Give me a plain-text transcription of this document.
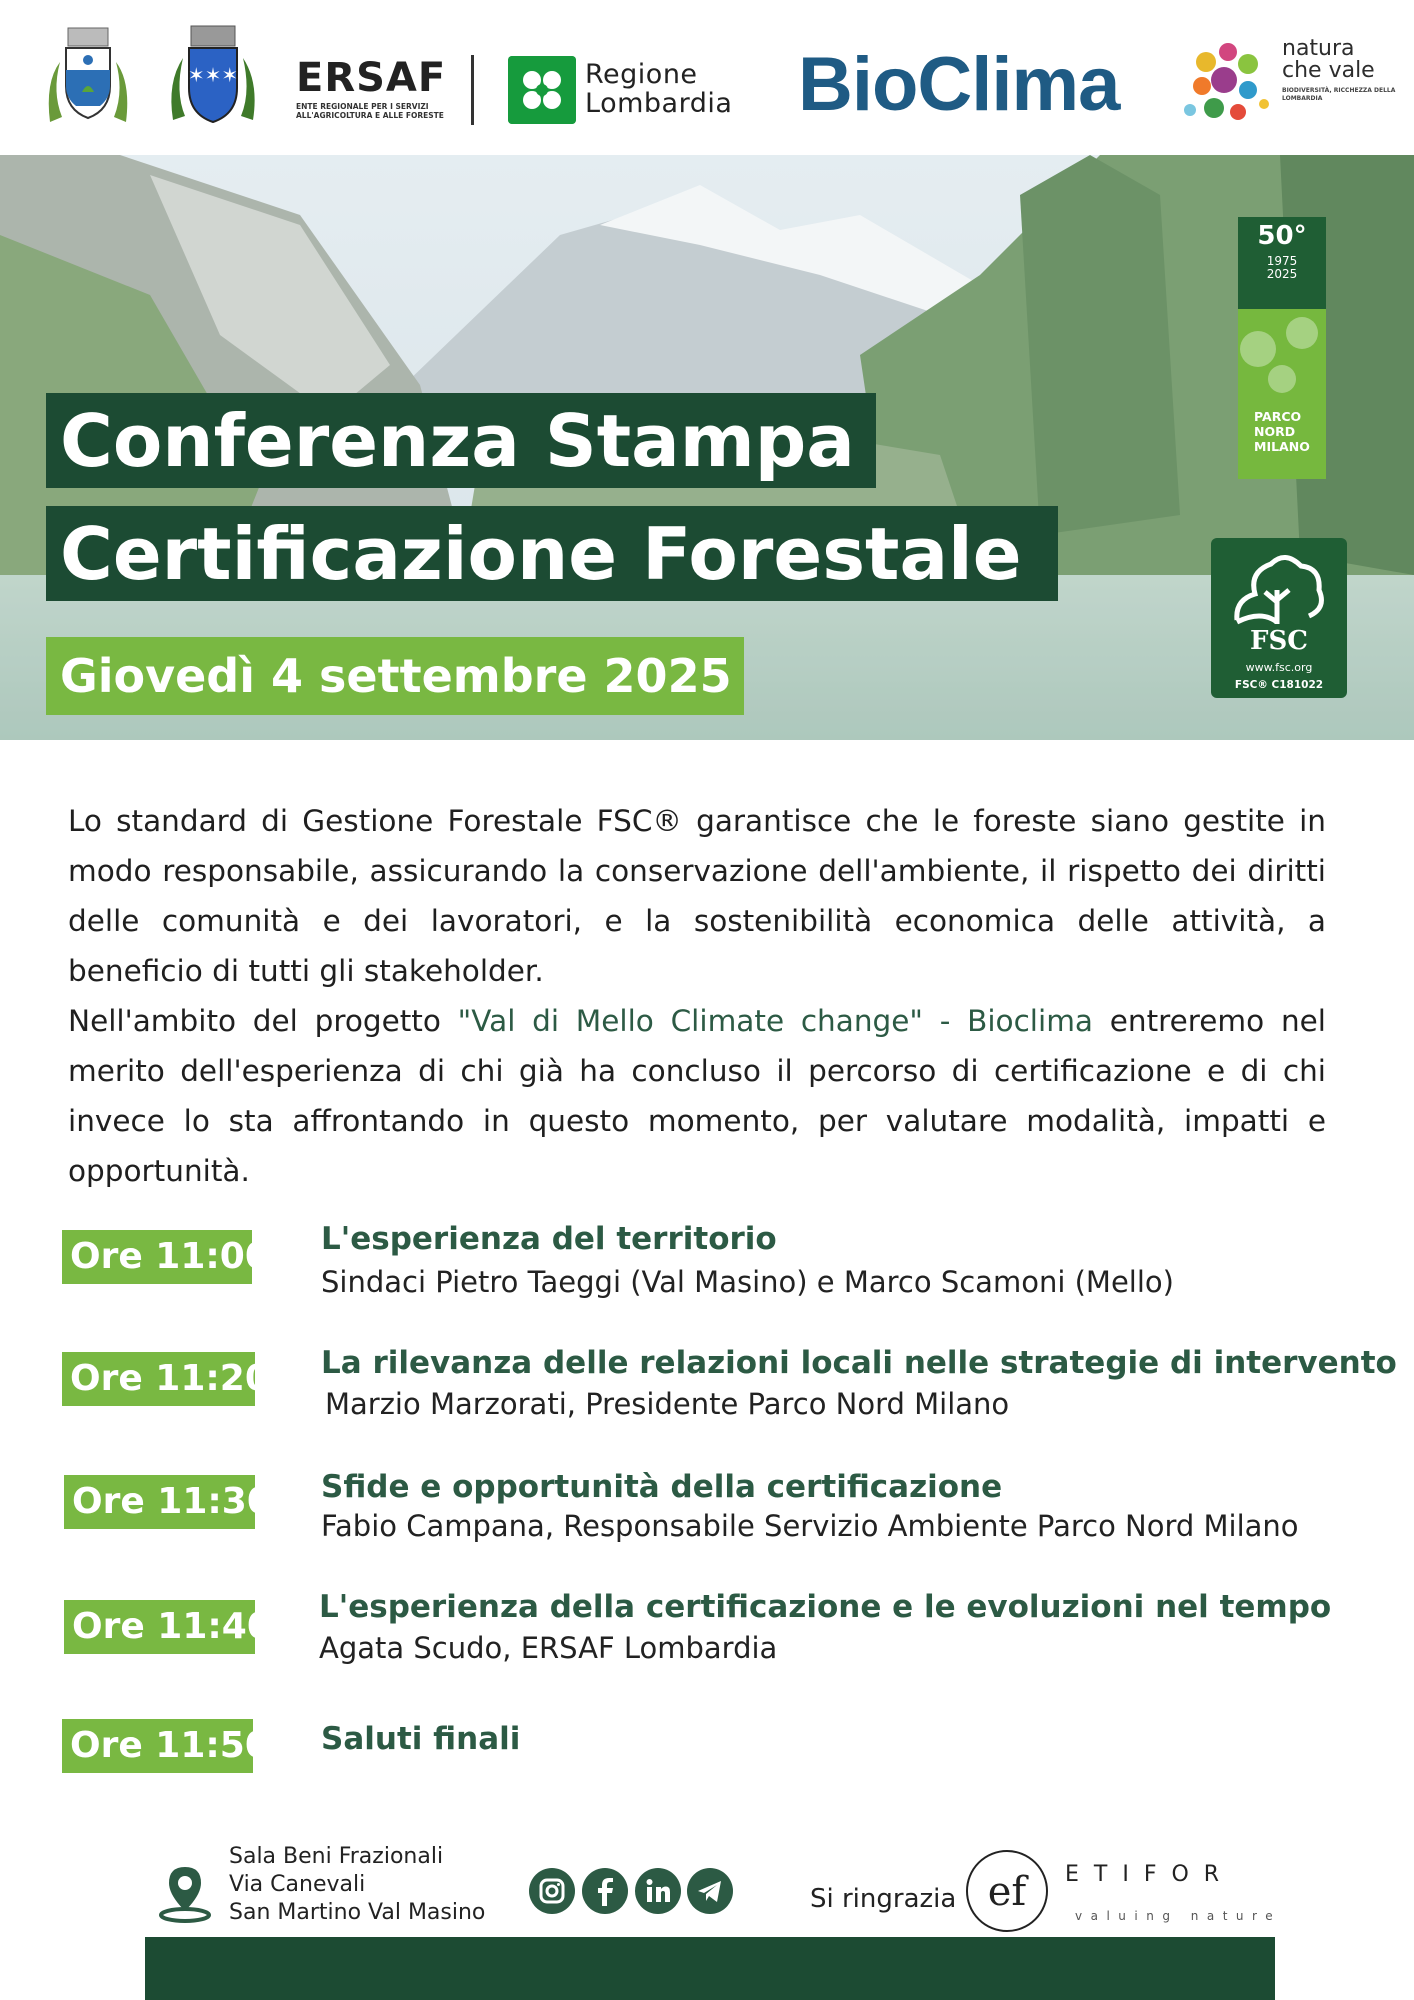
✶✶✶ ERSAF
ENTE REGIONALE PER I SERVIZI ALL'AGRICOLTURA E ALLE FORESTE
Regione
Lombardia BioClima	natura
che vale
BIODIVERSITÀ, RICCHEZZA DELLA LOMBARDIA
Conferenza Stampa
Certificazione Forestale
Giovedì 4 settembre 2025
50°
1975
2025
PARCO NORD MILANO
FSC
www.fsc.org
FSC® C181022

Lo standard di Gestione Forestale FSC® garantisce che le foreste siano gestite in modo responsabile, assicurando la conservazione dell'ambiente, il rispetto dei diritti delle comunità e dei lavoratori, e la sostenibilità economica delle attività, a beneficio di tutti gli stakeholder.

Nell'ambito del progetto "Val di Mello Climate change" - Bioclima entreremo nel merito dell'esperienza di chi già ha concluso il percorso di certificazione e di chi invece lo sta affrontando in questo momento, per valutare modalità, impatti e opportunità.

Ore 11:00 L'esperienza del territorio
Sindaci Pietro Taeggi (Val Masino) e Marco Scamoni (Mello)
Ore 11:20 La rilevanza delle relazioni locali nelle strategie di intervento
Marzio Marzorati, Presidente Parco Nord Milano
Ore 11:30 Sfide e opportunità della certificazione
Fabio Campana, Responsabile Servizio Ambiente Parco Nord Milano
Ore 11:40 L'esperienza della certificazione e le evoluzioni nel tempo
Agata Scudo, ERSAF Lombardia
Ore 11:50 Saluti finali
Sala Beni Frazionali
Via Canevali
San Martino Val Masino	Si ringrazia ef ETIFOR
valuing nature
